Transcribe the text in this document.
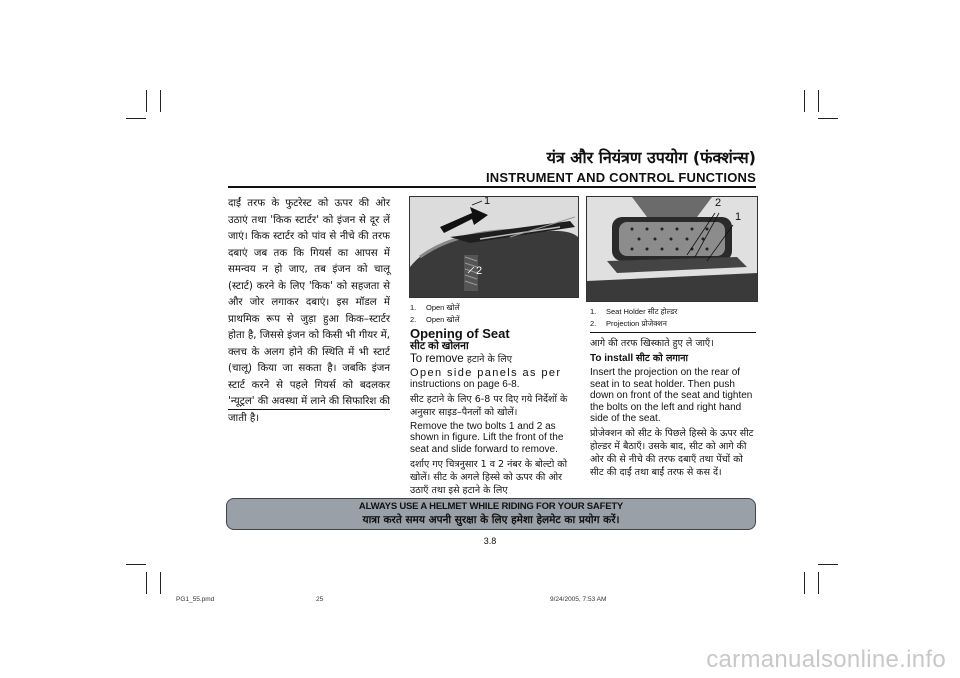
यंत्र और नियंत्रण उपयोग (फंक्शंन्स)
INSTRUMENT AND CONTROL FUNCTIONS
दाईं तरफ के फुटरेस्ट को ऊपर की ओर उठाएं तथा 'किक स्टार्टर' को इंजन से दूर लें जाएं। किक स्टार्टर को पांव से नीचे की तरफ दबाएं जब तक कि गियर्स का आपस में समन्वय न हो जाए, तब इंजन को चालू (स्टार्ट) करने के लिए 'किक' को सहजता से और जोर लगाकर दबाएं। इस मॉडल में प्राथमिक रूप से जुड़ा हुआ किक–स्टार्टर होता है, जिससे इंजन को किसी भी गीयर में, क्लच के अलग होने की स्थिति में भी स्टार्ट (चालू) किया जा सकता है। जबकि इंजन स्टार्ट करने से पहले गियर्स को बदलकर 'न्यूट्रल' की अवस्था में लाने की सिफारिश की जाती है।
1
2
1. Open खोलें
2. Open खोलें
Opening of Seat
सीट को खोलना

To remove हटाने के लिए

Open side panels as per
instructions on page 6-8.

सीट हटाने के लिए 6-8 पर दिए गये निर्देशों के अनुसार साइड–पैनलों को खोलें।

Remove the two bolts 1 and 2 as shown in figure. Lift the front of the seat and slide forward to remove.

दर्शाए गए चित्रनुसार 1 व 2 नंबर के बोल्टो को खोलें। सीट के अगले हिस्से को ऊपर की ओर उठाएँ तथा इसे हटाने के लिए

2
1
1. Seat Holder सीट होल्डर
2. Projection प्रोजेक्शन

आगे की तरफ खिस्काते हुए ले जाएँ।

To install सीट को लगाना

Insert the projection on the rear of seat in to seat holder. Then push down on front of the seat and tighten the bolts on the left and right hand side of the seat.

प्रोजेक्शन को सीट के पिछले हिस्से के ऊपर सीट होल्डर में बैठाएँ। उसके बाद, सीट को आगे की ओर की से नीचे की तरफ दबाएँ तथा पेंचों को सीट की दाईं तथा बाईं तरफ से कस दें।

ALWAYS USE A HELMET WHILE RIDING FOR YOUR SAFETY
यात्रा करते समय अपनी सुरक्षा के लिए हमेशा हेलमेट का प्रयोग करें।
3.8
PG1_55.pmd	25	9/24/2005, 7:53 AM
carmanualsonline.info
